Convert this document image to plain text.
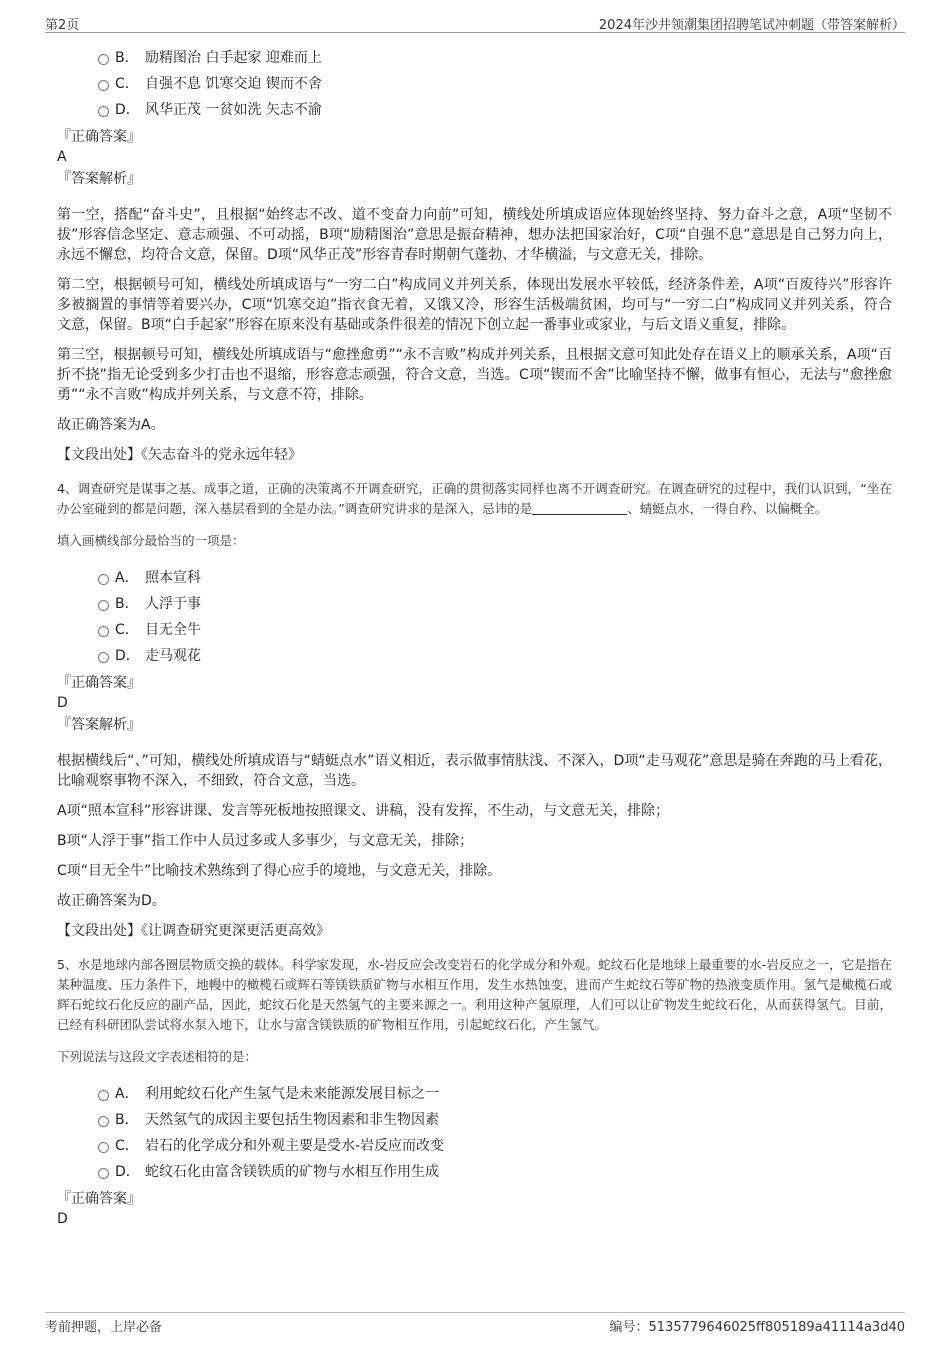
第2页	2024年沙井领潮集团招聘笔试冲刺题（带答案解析）
B． 励精图治 白手起家 迎难而上
C． 自强不息 饥寒交迫 锲而不舍
D． 风华正茂 一贫如洗 矢志不渝
『正确答案』
A
『答案解析』

第一空，搭配“奋斗史”，且根据“始终志不改、道不变奋力向前”可知，横线处所填成语应体现始终坚持、努力奋斗之意，A项“坚韧不拔”形容信念坚定、意志顽强、不可动摇，B项“励精图治”意思是振奋精神，想办法把国家治好，C项“自强不息”意思是自己努力向上，永远不懈怠，均符合文意，保留。D项“风华正茂”形容青春时期朝气蓬勃、才华横溢，与文意无关，排除。

第二空，根据顿号可知，横线处所填成语与“一穷二白”构成同义并列关系，体现出发展水平较低，经济条件差，A项“百废待兴”形容许多被搁置的事情等着要兴办，C项“饥寒交迫”指衣食无着，又饿又冷，形容生活极端贫困，均可与“一穷二白”构成同义并列关系，符合文意，保留。B项“白手起家”形容在原来没有基础或条件很差的情况下创立起一番事业或家业，与后文语义重复，排除。

第三空，根据顿号可知，横线处所填成语与“愈挫愈勇”“永不言败”构成并列关系，且根据文意可知此处存在语义上的顺承关系，A项“百折不挠”指无论受到多少打击也不退缩，形容意志顽强，符合文意，当选。C项“锲而不舍”比喻坚持不懈，做事有恒心，无法与“愈挫愈勇”“永不言败”构成并列关系，与文意不符，排除。

故正确答案为A。

【文段出处】《矢志奋斗的党永远年轻》

4、调查研究是谋事之基、成事之道，正确的决策离不开调查研究，正确的贯彻落实同样也离不开调查研究。在调查研究的过程中，我们认识到，“坐在办公室碰到的都是问题，深入基层看到的全是办法。”调查研究讲求的是深入，忌讳的是	、蜻蜓点水，一得自矜、以偏概全。

填入画横线部分最恰当的一项是：

A． 照本宣科
B． 人浮于事
C． 目无全牛
D． 走马观花
『正确答案』
D
『答案解析』

根据横线后“、”可知，横线处所填成语与“蜻蜓点水”语义相近，表示做事情肤浅、不深入，D项“走马观花”意思是骑在奔跑的马上看花，比喻观察事物不深入，不细致，符合文意，当选。

A项“照本宣科”形容讲课、发言等死板地按照课文、讲稿，没有发挥，不生动，与文意无关，排除；

B项“人浮于事”指工作中人员过多或人多事少，与文意无关，排除；

C项“目无全牛”比喻技术熟练到了得心应手的境地，与文意无关，排除。

故正确答案为D。

【文段出处】《让调查研究更深更活更高效》

5、水是地球内部各圈层物质交换的载体。科学家发现，水-岩反应会改变岩石的化学成分和外观。蛇纹石化是地球上最重要的水-岩反应之一，它是指在某种温度、压力条件下，地幔中的橄榄石或辉石等镁铁质矿物与水相互作用，发生水热蚀变，进而产生蛇纹石等矿物的热液变质作用。氢气是橄榄石或辉石蛇纹石化反应的副产品，因此，蛇纹石化是天然氢气的主要来源之一。利用这种产氢原理，人们可以让矿物发生蛇纹石化，从而获得氢气。目前，已经有科研团队尝试将水泵入地下，让水与富含镁铁质的矿物相互作用，引起蛇纹石化，产生氢气。

下列说法与这段文字表述相符的是：

A． 利用蛇纹石化产生氢气是未来能源发展目标之一
B． 天然氢气的成因主要包括生物因素和非生物因素
C． 岩石的化学成分和外观主要是受水-岩反应而改变
D． 蛇纹石化由富含镁铁质的矿物与水相互作用生成
『正确答案』
D
考前押题，上岸必备	编号：5135779646025ff805189a41114a3d40
